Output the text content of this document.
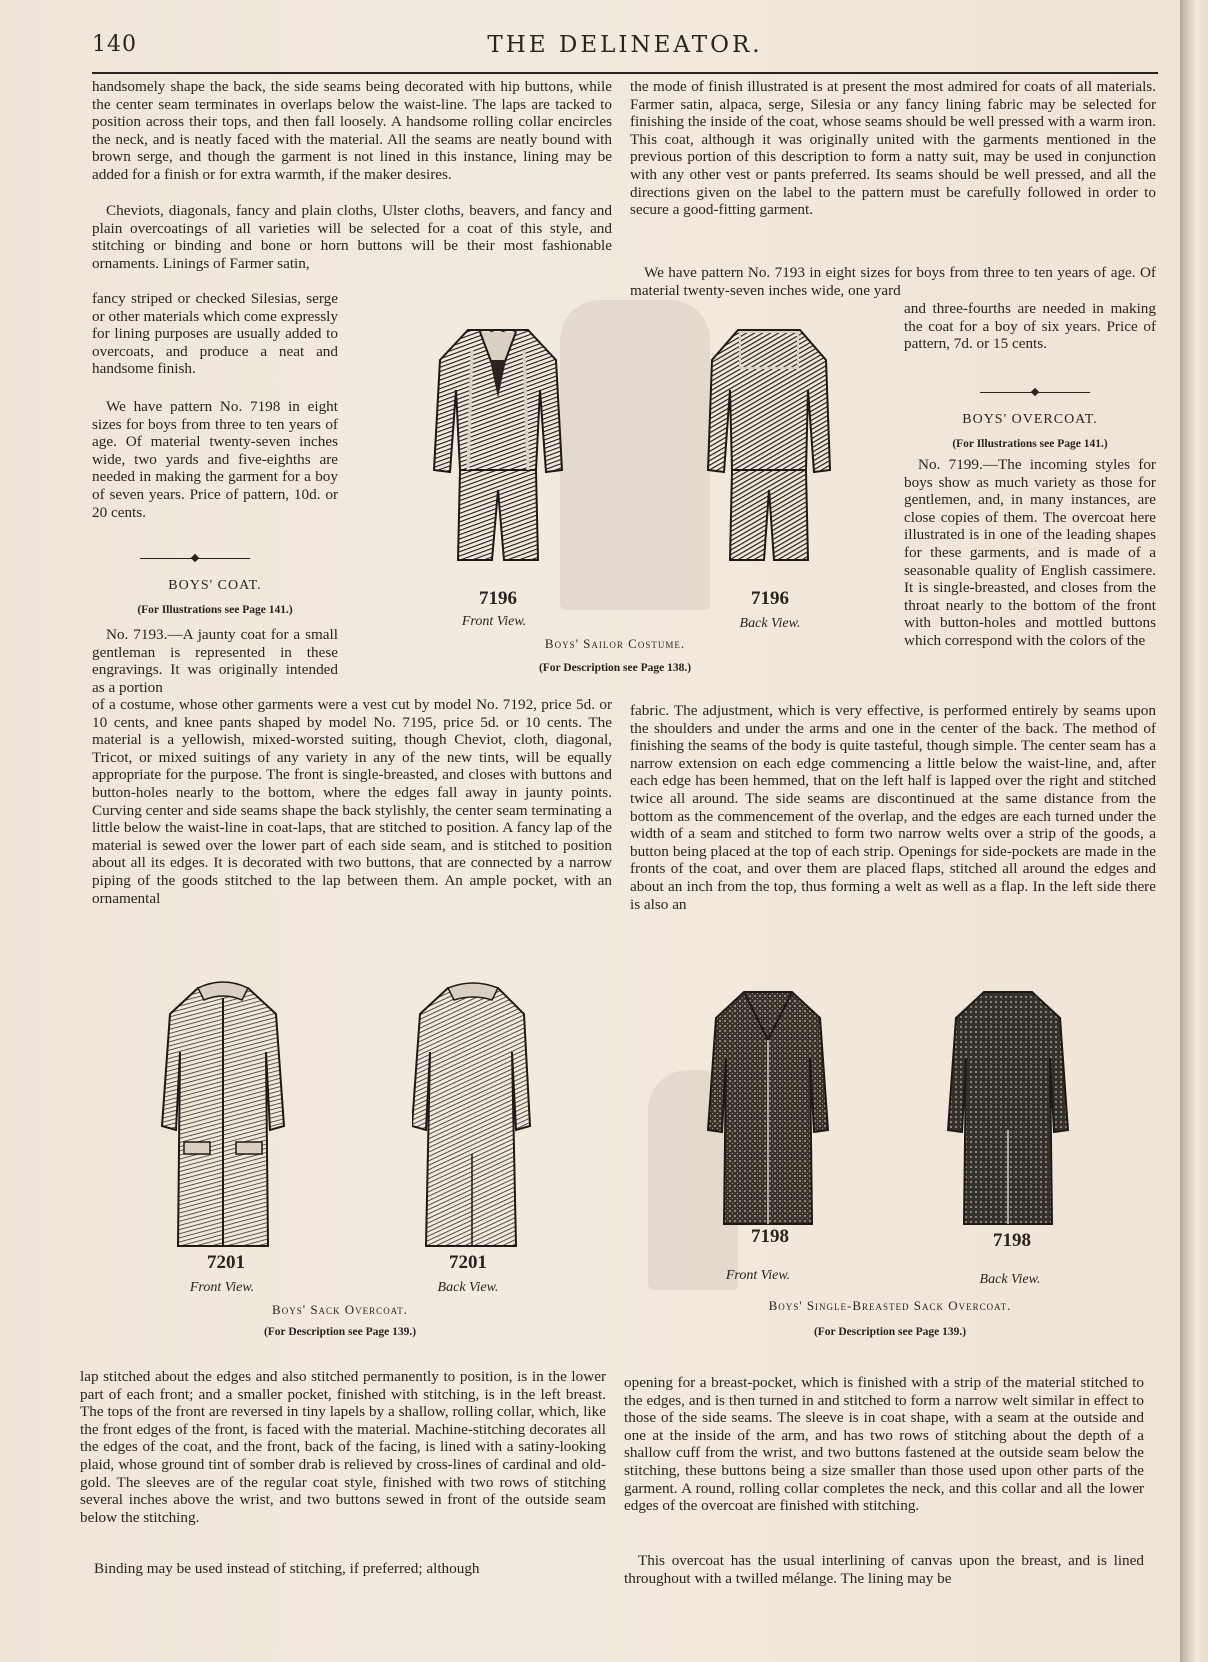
140	THE DELINEATOR.

handsomely shape the back, the side seams being decorated with hip buttons, while the center seam terminates in overlaps below the waist-line. The laps are tacked to position across their tops, and then fall loosely. A handsome rolling collar encircles the neck, and is neatly faced with the material. All the seams are neatly bound with brown serge, and though the garment is not lined in this instance, lining may be added for a finish or for extra warmth, if the maker desires.

Cheviots, diagonals, fancy and plain cloths, Ulster cloths, beavers, and fancy and plain overcoatings of all varieties will be selected for a coat of this style, and stitching or binding and bone or horn buttons will be their most fashionable ornaments. Linings of Farmer satin,

fancy striped or checked Silesias, serge or other materials which come expressly for lining purposes are usually added to overcoats, and produce a neat and handsome finish.

We have pattern No. 7198 in eight sizes for boys from three to ten years of age. Of material twenty-seven inches wide, two yards and five-eighths are needed in making the garment for a boy of seven years. Price of pattern, 10d. or 20 cents.

BOYS' COAT.
(For Illustrations see Page 141.)

No. 7193.—A jaunty coat for a small gentleman is represented in these engravings. It was originally intended as a portion

of a costume, whose other garments were a vest cut by model No. 7192, price 5d. or 10 cents, and knee pants shaped by model No. 7195, price 5d. or 10 cents. The material is a yellowish, mixed-worsted suiting, though Cheviot, cloth, diagonal, Tricot, or mixed suitings of any variety in any of the new tints, will be equally appropriate for the purpose. The front is single-breasted, and closes with buttons and button-holes nearly to the bottom, where the edges fall away in jaunty points. Curving center and side seams shape the back stylishly, the center seam terminating a little below the waist-line in coat-laps, that are stitched to position. A fancy lap of the material is sewed over the lower part of each side seam, and is stitched to position about all its edges. It is decorated with two buttons, that are connected by a narrow piping of the goods stitched to the lap between them. An ample pocket, with an ornamental

the mode of finish illustrated is at present the most admired for coats of all materials. Farmer satin, alpaca, serge, Silesia or any fancy lining fabric may be selected for finishing the inside of the coat, whose seams should be well pressed with a warm iron. This coat, although it was originally united with the garments mentioned in the previous portion of this description to form a natty suit, may be used in conjunction with any other vest or pants preferred. Its seams should be well pressed, and all the directions given on the label to the pattern must be carefully followed in order to secure a good-fitting garment.

We have pattern No. 7193 in eight sizes for boys from three to ten years of age. Of material twenty-seven inches wide, one yard

and three-fourths are needed in making the coat for a boy of six years. Price of pattern, 7d. or 15 cents.

BOYS' OVERCOAT.
(For Illustrations see Page 141.)

No. 7199.—The incoming styles for boys show as much variety as those for gentlemen, and, in many instances, are close copies of them. The overcoat here illustrated is in one of the leading shapes for these garments, and is made of a seasonable quality of English cassimere. It is single-breasted, and closes from the throat nearly to the bottom of the front with button-holes and mottled buttons which correspond with the colors of the

fabric. The adjustment, which is very effective, is performed entirely by seams upon the shoulders and under the arms and one in the center of the back. The method of finishing the seams of the body is quite tasteful, though simple. The center seam has a narrow extension on each edge commencing a little below the waist-line, and, after each edge has been hemmed, that on the left half is lapped over the right and stitched twice all around. The side seams are discontinued at the same distance from the bottom as the commencement of the overlap, and the edges are each turned under the width of a seam and stitched to form two narrow welts over a strip of the goods, a button being placed at the top of each strip. Openings for side-pockets are made in the fronts of the coat, and over them are placed flaps, stitched all around the edges and about an inch from the top, thus forming a welt as well as a flap. In the left side there is also an

7196
Front View.
7196
Back View.
Boys' Sailor Costume.
(For Description see Page 138.)
7201
Front View.
7201
Back View.
Boys' Sack Overcoat.
(For Description see Page 139.)
7198
Front View.
7198
Back View.
Boys' Single-Breasted Sack Overcoat.
(For Description see Page 139.)

lap stitched about the edges and also stitched permanently to position, is in the lower part of each front; and a smaller pocket, finished with stitching, is in the left breast. The tops of the front are reversed in tiny lapels by a shallow, rolling collar, which, like the front edges of the front, is faced with the material. Machine-stitching decorates all the edges of the coat, and the front, back of the facing, is lined with a satiny-looking plaid, whose ground tint of somber drab is relieved by cross-lines of cardinal and old-gold. The sleeves are of the regular coat style, finished with two rows of stitching several inches above the wrist, and two buttons sewed in front of the outside seam below the stitching.

Binding may be used instead of stitching, if preferred; although

opening for a breast-pocket, which is finished with a strip of the material stitched to the edges, and is then turned in and stitched to form a narrow welt similar in effect to those of the side seams. The sleeve is in coat shape, with a seam at the outside and one at the inside of the arm, and has two rows of stitching about the depth of a shallow cuff from the wrist, and two buttons fastened at the outside seam below the stitching, these buttons being a size smaller than those used upon other parts of the garment. A round, rolling collar completes the neck, and this collar and all the lower edges of the overcoat are finished with stitching.

This overcoat has the usual interlining of canvas upon the breast, and is lined throughout with a twilled mélange. The lining may be
